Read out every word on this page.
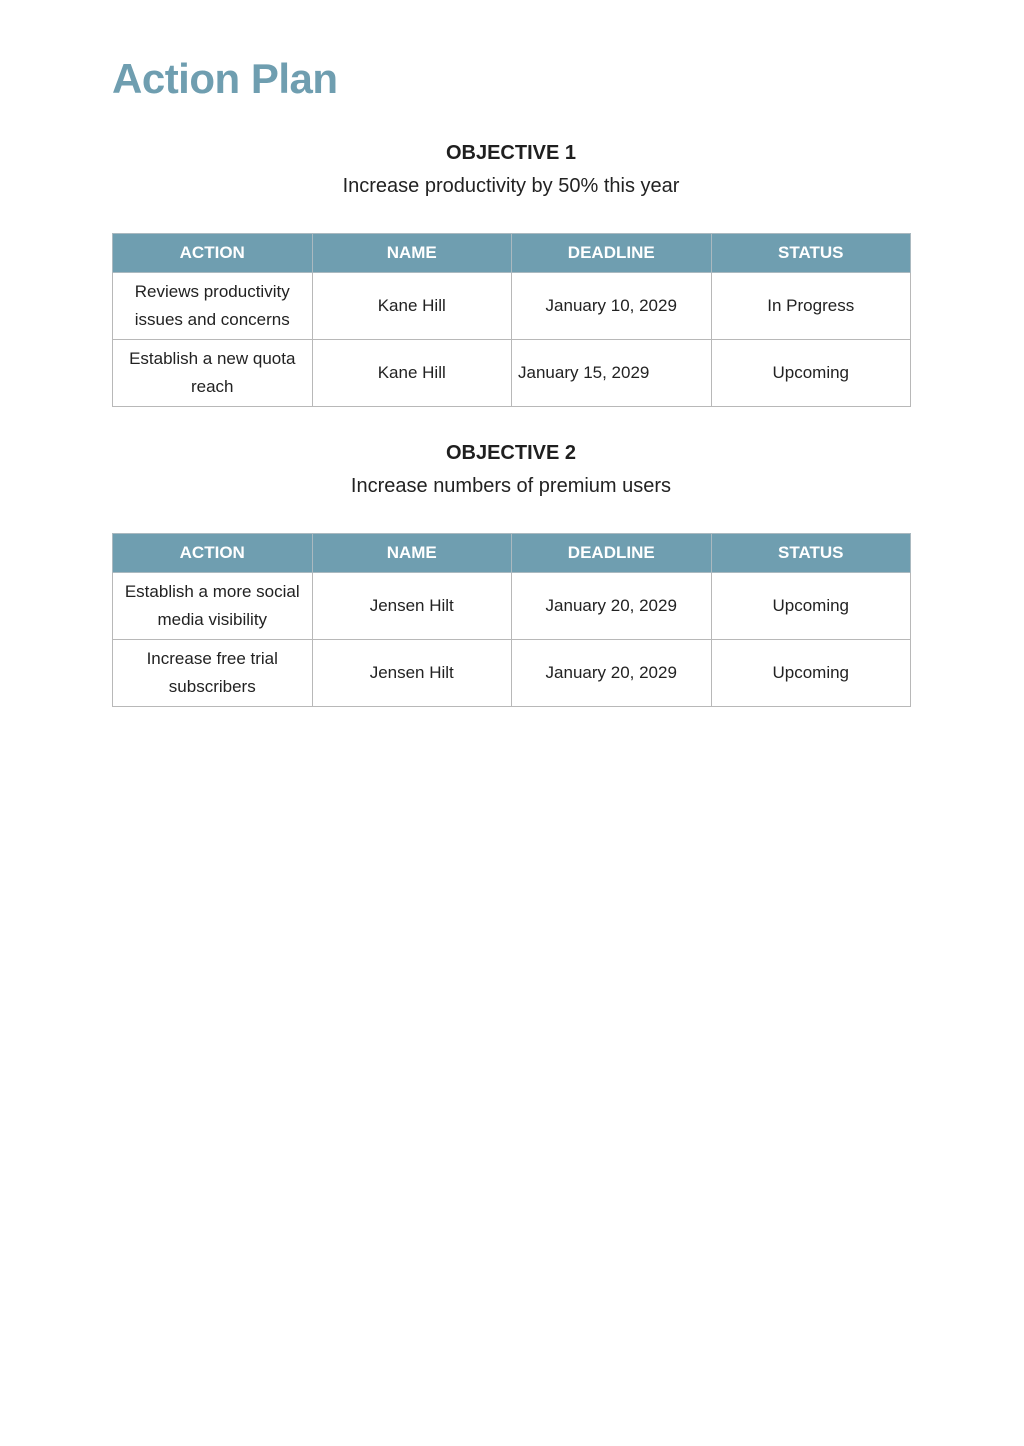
Action Plan
OBJECTIVE 1
Increase productivity by 50% this year
ACTION	NAME	DEADLINE	STATUS
Reviews productivity issues and concerns	Kane Hill	January 10, 2029	In Progress
Establish a new quota reach	Kane Hill	January 15, 2029	Upcoming
OBJECTIVE 2
Increase numbers of premium users
ACTION	NAME	DEADLINE	STATUS
Establish a more social media visibility	Jensen Hilt	January 20, 2029	Upcoming
Increase free trial subscribers	Jensen Hilt	January 20, 2029	Upcoming
